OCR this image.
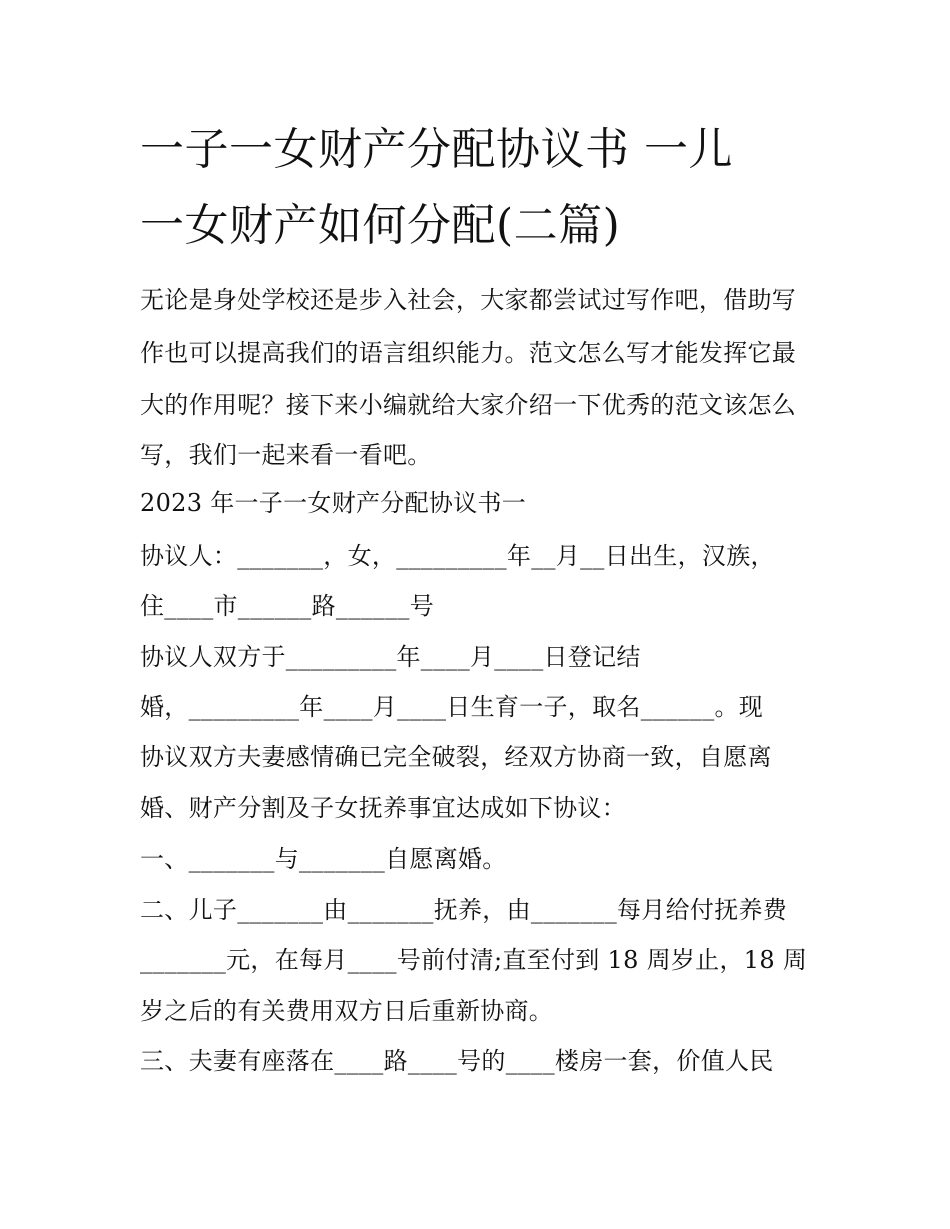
一子一女财产分配协议书 一儿
一女财产如何分配(二篇)

无论是身处学校还是步入社会，大家都尝试过写作吧，借助写

作也可以提高我们的语言组织能力。范文怎么写才能发挥它最

大的作用呢？接下来小编就给大家介绍一下优秀的范文该怎么

写，我们一起来看一看吧。

2023 年一子一女财产分配协议书一

协议人：_______，女，_________年__月__日出生，汉族，

住____市______路______号

协议人双方于_________年____月____日登记结

婚，_________年____月____日生育一子，取名______。现

协议双方夫妻感情确已完全破裂，经双方协商一致，自愿离

婚、财产分割及子女抚养事宜达成如下协议：

一、_______与_______自愿离婚。

二、儿子_______由_______抚养，由_______每月给付抚养费

_______元，在每月____号前付清;直至付到 18 周岁止，18 周

岁之后的有关费用双方日后重新协商。

三、夫妻有座落在____路____号的____楼房一套，价值人民
